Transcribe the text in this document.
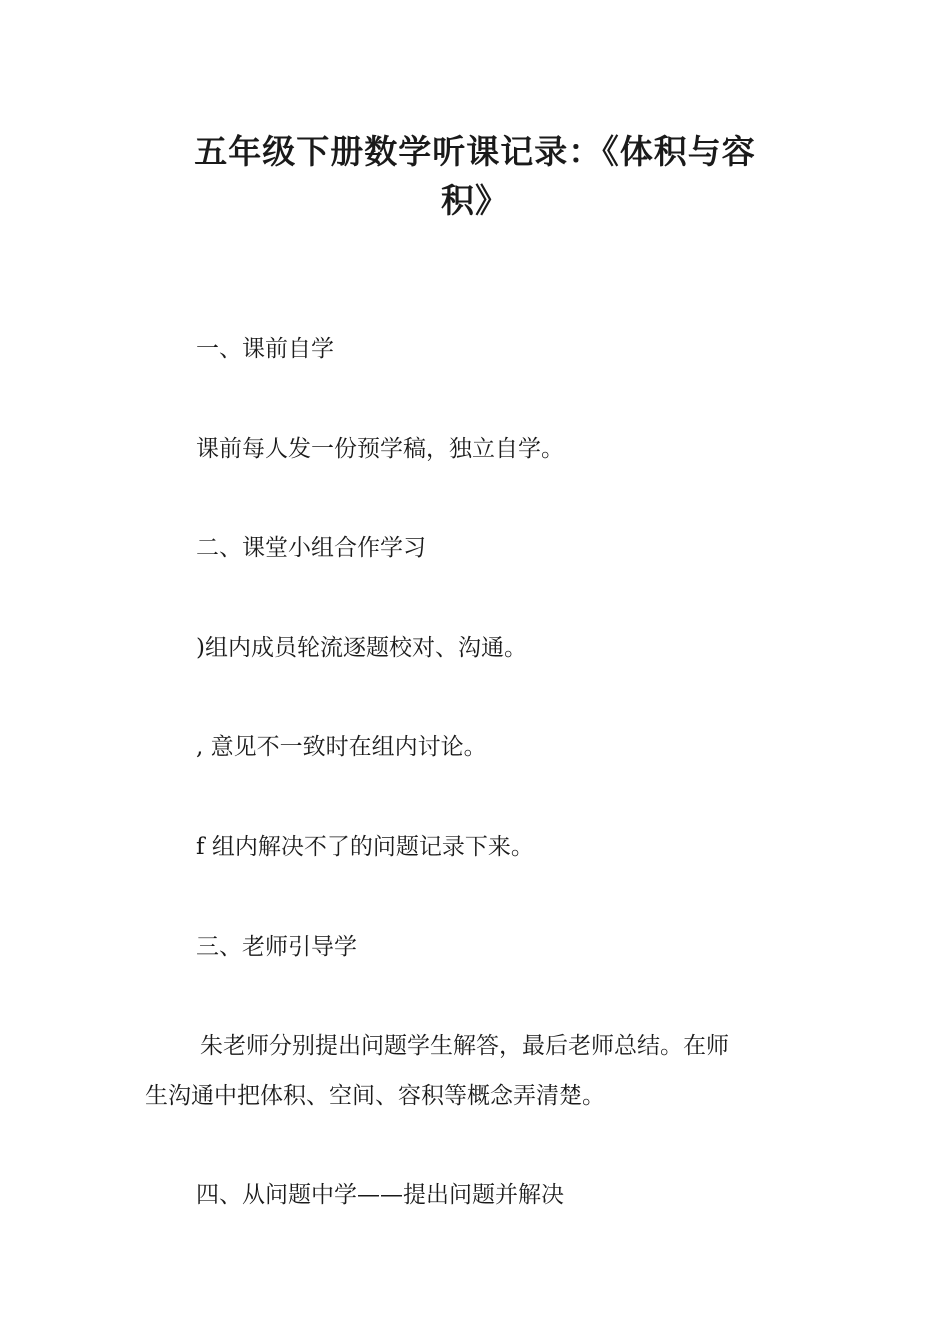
五年级下册数学听课记录：《体积与容
积》
一、课前自学
课前每人发一份预学稿，独立自学。
二、课堂小组合作学习
)组内成员轮流逐题校对、沟通。
, 意见不一致时在组内讨论。
f 组内解决不了的问题记录下来。
三、老师引导学
朱老师分别提出问题学生解答，最后老师总结。在师
生沟通中把体积、空间、容积等概念弄清楚。
四、从问题中学——提出问题并解决
